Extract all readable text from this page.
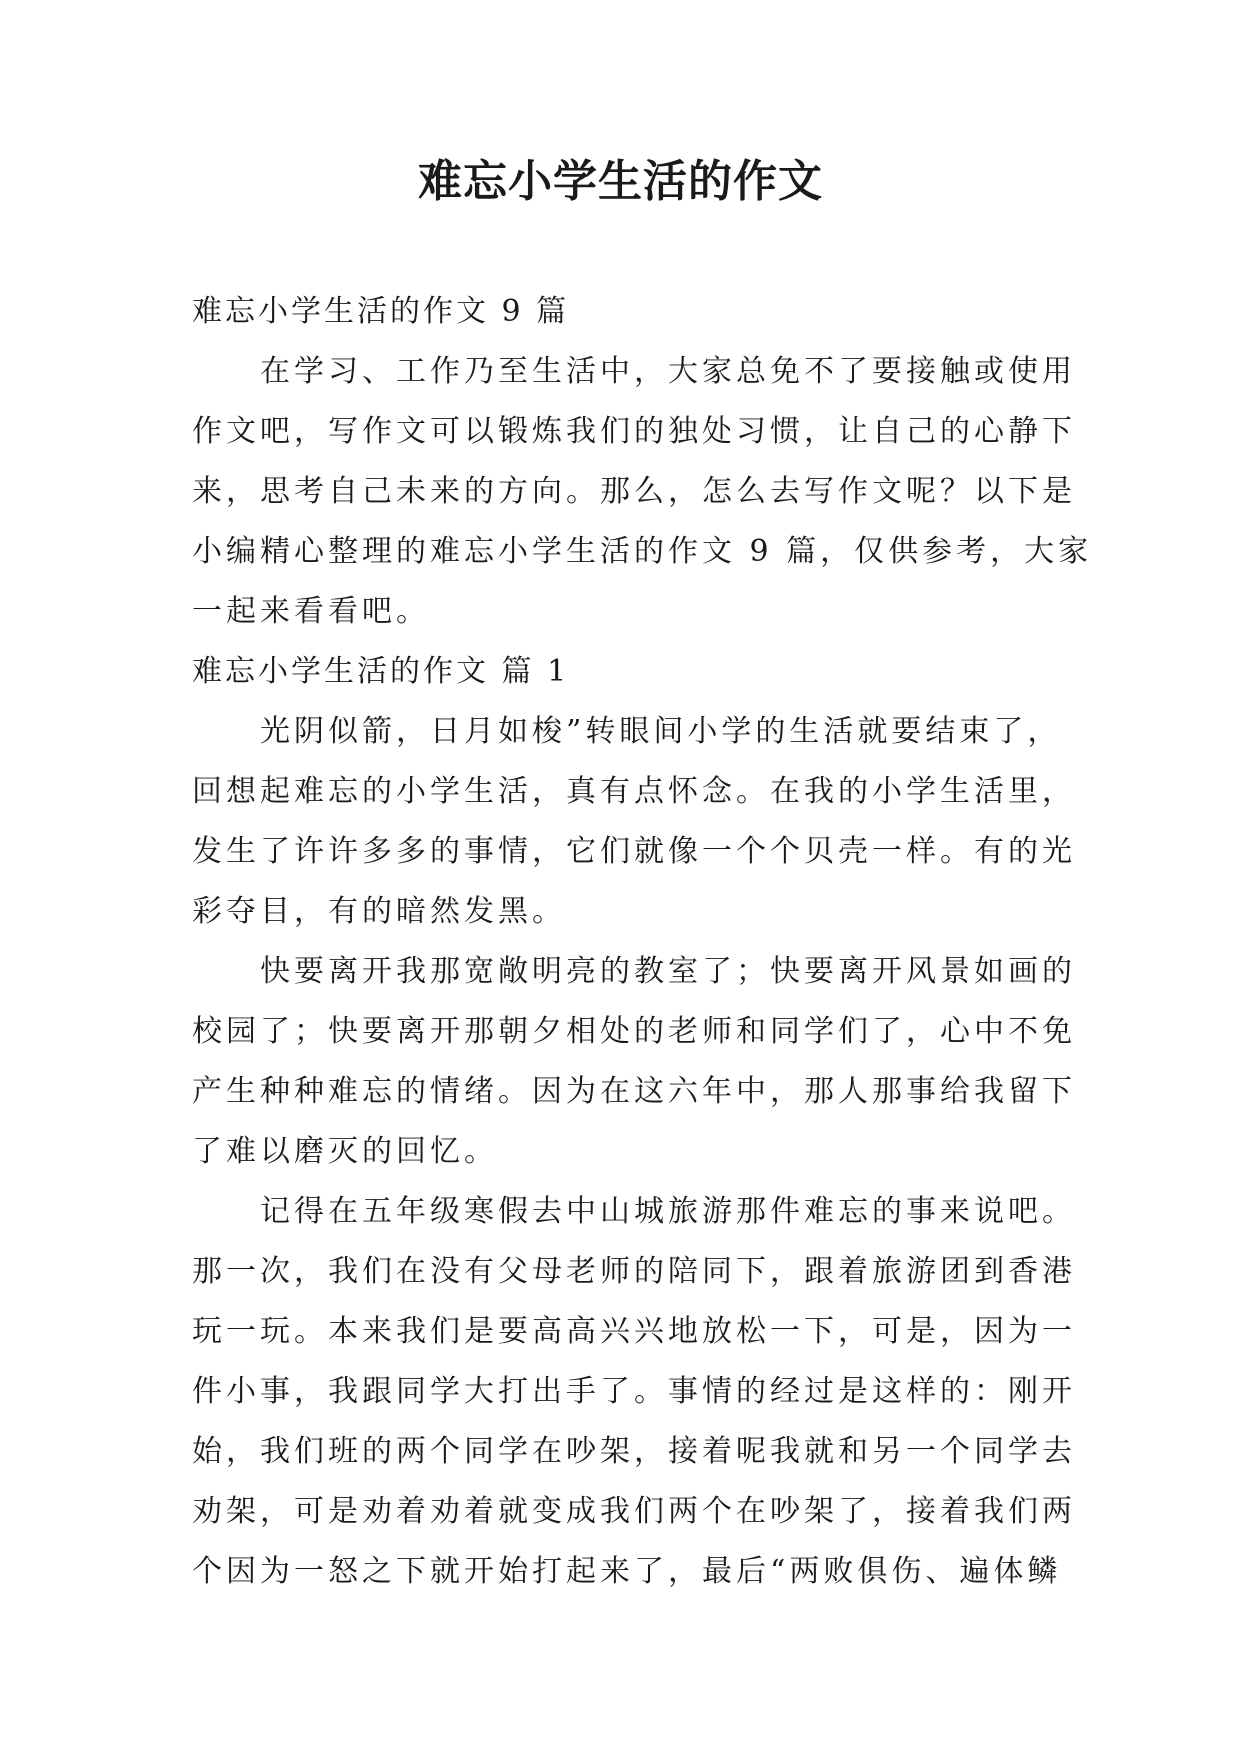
难忘小学生活的作文

难忘小学生活的作文 9 篇

在学习、工作乃至生活中，大家总免不了要接触或使用

作文吧，写作文可以锻炼我们的独处习惯，让自己的心静下

来，思考自己未来的方向。那么，怎么去写作文呢？以下是

小编精心整理的难忘小学生活的作文 9 篇，仅供参考，大家

一起来看看吧。

难忘小学生活的作文 篇 1

光阴似箭，日月如梭”转眼间小学的生活就要结束了，

回想起难忘的小学生活，真有点怀念。在我的小学生活里，

发生了许许多多的事情，它们就像一个个贝壳一样。有的光

彩夺目，有的暗然发黑。

快要离开我那宽敞明亮的教室了；快要离开风景如画的

校园了；快要离开那朝夕相处的老师和同学们了，心中不免

产生种种难忘的情绪。因为在这六年中，那人那事给我留下

了难以磨灭的回忆。

记得在五年级寒假去中山城旅游那件难忘的事来说吧。

那一次，我们在没有父母老师的陪同下，跟着旅游团到香港

玩一玩。本来我们是要高高兴兴地放松一下，可是，因为一

件小事，我跟同学大打出手了。事情的经过是这样的：刚开

始，我们班的两个同学在吵架，接着呢我就和另一个同学去

劝架，可是劝着劝着就变成我们两个在吵架了，接着我们两

个因为一怒之下就开始打起来了，最后“两败俱伤、遍体鳞
